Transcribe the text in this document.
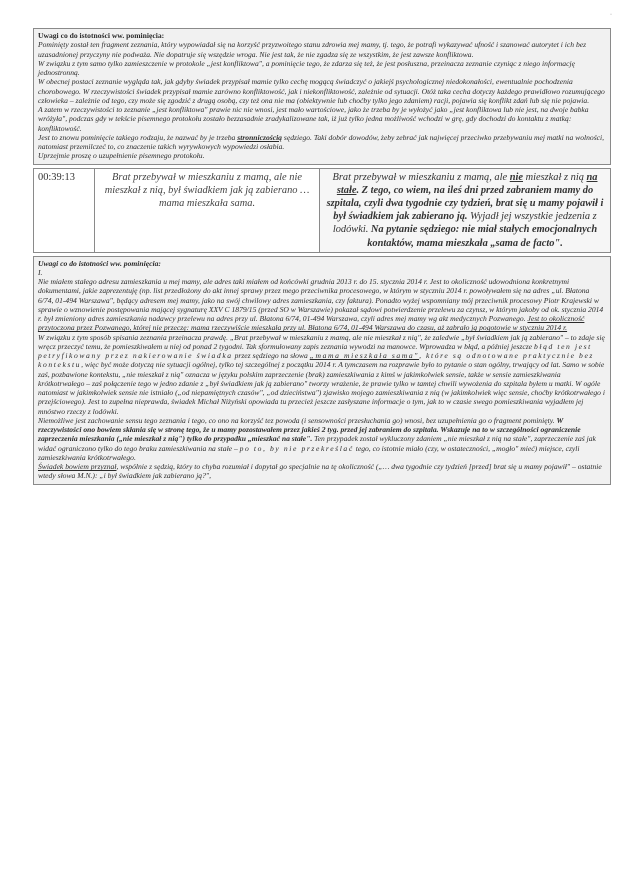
·

Uwagi co do istotności ww. pominięcia:

Pominięty został ten fragment zeznania, który wypowiadał się na korzyść przyzwoitego stanu zdrowia mej mamy, tj. tego, że potrafi wykazywać ufność i szanować autorytet i ich bez uzasadnionej przyczyny nie podważa. Nie dopatruje się wszędzie wroga. Nie jest tak, że nie zgadza się ze wszystkim, że jest zawsze konfliktowa.

W związku z tym samo tylko zamieszczenie w protokole „jest konfliktowa", a pominięcie tego, że zdarza się też, że jest posłuszna, przeinacza zeznanie czyniąc z niego informację jednostronną.

W obecnej postaci zeznanie wygląda tak, jak gdyby świadek przypisał mamie tylko cechę mogącą świadczyć o jakiejś psychologicznej niedokonałości, ewentualnie pochodzenia chorobowego. W rzeczywistości świadek przypisał mamie zarówno konfliktowość, jak i niekonfliktowość, zależnie od sytuacji. Otóż taka cecha dotyczy każdego prawidłowo rozumującego człowieka – zależnie od tego, czy może się zgodzić z drugą osobą, czy też ona nie ma (obiektywnie lub choćby tylko jego zdaniem) racji, pojawia się konflikt zdań lub się nie pojawia.

A zatem w rzeczywistości to zeznanie „jest konfliktowa" prawie nic nie wnosi, jest mało wartościowe, jako że trzeba by je wyłożyć jako „jest konfliktowa lub nie jest, na dwoje babka wróżyła", podczas gdy w tekście pisemnego protokołu zostało bezzasadnie zradykalizowane tak, iż już tylko jedna możliwość wchodzi w grę, gdy dochodzi do kontaktu z matką: konfliktowość.

Jest to znowu pominięcie takiego rodzaju, że nazwać by je trzeba stronniczością sędziego. Taki dobór dowodów, żeby zebrać jak najwięcej przeciwko przebywaniu mej matki na wolności, natomiast przemilczeć to, co znaczenie takich wyrywkowych wypowiedzi osłabia.

Uprzejmie proszę o uzupełnienie pisemnego protokołu.

00:39:13	Brat przebywał w mieszkaniu z mamą, ale nie mieszkał z nią, był świadkiem jak ją zabierano … mama mieszkała sama.	Brat przebywał w mieszkaniu z mamą, ale nie mieszkał z nią na stałe. Z tego, co wiem, na ileś dni przed zabraniem mamy do szpitala, czyli dwa tygodnie czy tydzień, brat się u mamy pojawił i był świadkiem jak zabierano ją. Wyjadł jej wszystkie jedzenia z lodówki. Na pytanie sędziego: nie miał stałych emocjonalnych kontaktów, mama mieszkała „sama de facto".

Uwagi co do istotności ww. pominięcia:

I.

Nie miałem stałego adresu zamieszkania u mej mamy, ale adres taki miałem od końcówki grudnia 2013 r. do 15. stycznia 2014 r. Jest to okoliczność udowodniona konkretnymi dokumentami, jakie zaprezentuję (np. list przedłożony do akt innej sprawy przez mego przeciwnika procesowego, w którym w styczniu 2014 r. powoływałem się na adres „ul. Błatona 6/74, 01-494 Warszawa", będący adresem mej mamy, jako na swój chwilowy adres zamieszkania, czy faktura). Ponadto wyżej wspomniany mój przeciwnik procesowy Piotr Krajewski w sprawie o wznowienie postępowania mającej sygnaturę XXV C 1879/15 (przed SO w Warszawie) pokazał sądowi potwierdzenie przelewu za czynsz, w którym jakoby od ok. stycznia 2014 r. był zmieniony adres zamieszkania nadawcy przelewu na adres przy ul. Błatona 6/74, 01-494 Warszawa, czyli adres mej mamy wg akt medycznych Pozwanego. Jest to okoliczność przytoczona przez Pozwanego, której nie przeczę: mama rzeczywiście mieszkała przy ul. Błatona 6/74, 01-494 Warszawa do czasu, aż zabrało ją pogotowie w styczniu 2014 r.

W związku z tym sposób spisania zeznania przeinacza prawdę. „Brat przebywał w mieszkaniu z mamą, ale nie mieszkał z nią", że zaledwie „był świadkiem jak ją zabierano" – to zdaje się wręcz przeczyć temu, że pomieszkiwałem u niej od ponad 2 tygodni. Tak sformułowany zapis zeznania wywodzi na manowce. Wprowadza w błąd, a później jeszcze błąd ten jest petryfikowany przez nakierowanie świadka przez sędziego na słowa „mama mieszkała sama", które są odnotowane praktycznie bez kontekstu, więc być może dotyczą nie sytuacji ogólnej, tylko tej szczególnej z początku 2014 r. A tymczasem na rozprawie było to pytanie o stan ogólny, trwający od lat. Samo w sobie zaś, pozbawione kontekstu, „nie mieszkał z nią" oznacza w języku polskim zaprzeczenie (brak) zamieszkiwania z kimś w jakimkolwiek sensie, także w sensie zamieszkiwania krótkotrwałego – zaś połączenie tego w jedno zdanie z „był świadkiem jak ją zabierano" tworzy wrażenie, że prawie tylko w tamtej chwili wywożenia do szpitala byłem u matki. W ogóle natomiast w jakimkolwiek sensie nie istniało („od niepamiętnych czasów", „od dzieciństwa") zjawisko mojego zamieszkiwania z nią (w jakimkolwiek więc sensie, choćby krótkotrwałego i przejściowego). Jest to zupełna nieprawda, świadek Michał Niżyński opowiada tu przecież jeszcze zasłyszane informacje o tym, jak to w czasie swego pomieszkiwania wyjadłem jej mnóstwo rzeczy z lodówki.

Niemożliwe jest zachowanie sensu tego zeznania i tego, co ono na korzyść tez powoda (i sensowności przesłuchania go) wnosi, bez uzupełnienia go o fragment pominięty. W rzeczywistości ono bowiem skłania się w stronę tego, że u mamy pozostawałem przez jakieś 2 tyg. przed jej zabraniem do szpitala. Wskazuje na to w szczególności ograniczenie zaprzeczenia mieszkania („nie mieszkał z nią") tylko do przypadku „mieszkać na stałe". Ten przypadek został wykluczony zdaniem „nie mieszkał z nią na stałe", zaprzeczenie zaś jak widać ograniczono tylko do tego braku zamieszkiwania na stałe – po to, by nie przekreślać tego, co istotnie miało (czy, w ostateczności, „mogło" mieć) miejsce, czyli zamieszkiwania krótkotrwałego.

Świadek bowiem przyznał, wspólnie z sędzią, który to chyba rozumiał i dopytał go specjalnie na tę okoliczność („… dwa tygodnie czy tydzień [przed] brat się u mamy pojawił" – ostatnie wtedy słowa M.N.): „i był świadkiem jak zabierano ją?",
